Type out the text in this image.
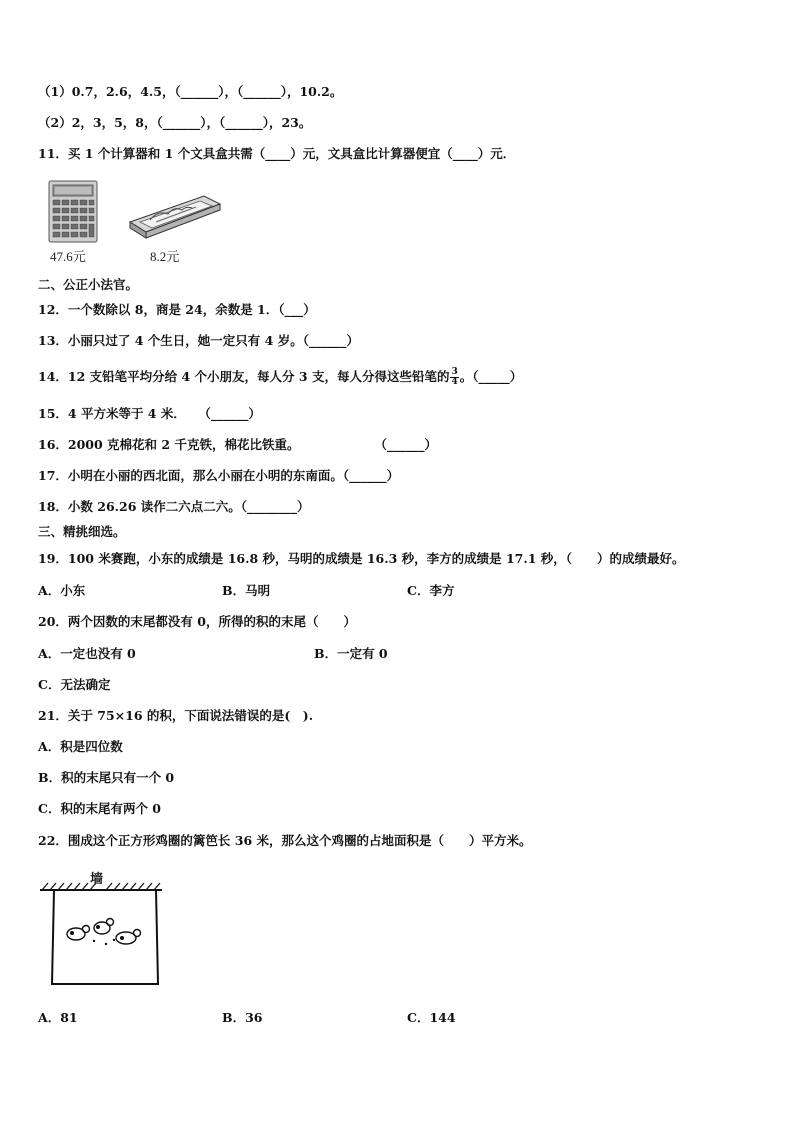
（1）0.7，2.6，4.5，（______），（______），10.2。
（2）2，3，5，8，（______），（______），23。
11．买 1 个计算器和 1 个文具盒共需（____）元，文具盒比计算器便宜（____）元．
47.6元	8.2元
二、公正小法官。
12．一个数除以 8，商是 24，余数是 1．（___）
13．小丽只过了 4 个生日，她一定只有 4 岁。（______）
14．12 支铅笔平均分给 4 个小朋友，每人分 3 支，每人分得这些铅笔的 $\frac{3}{4}$ 。（_____）
15．4 平方米等于 4 米．　　（______）
16．2000 克棉花和 2 千克铁，棉花比铁重。　　　　　　　（______）
17．小明在小丽的西北面，那么小丽在小明的东南面。（______）
18．小数 26.26 读作二六点二六。（________）
三、精挑细选。
19．100 米赛跑，小东的成绩是 16.8 秒，马明的成绩是 16.3 秒，李方的成绩是 17.1 秒，（　　）的成绩最好。
A．小东	B．马明	C．李方
20．两个因数的末尾都没有 0，所得的积的末尾（　　）
A．一定也没有 0	B．一定有 0
C．无法确定
21．关于 75×16 的积，下面说法错误的是(　).
A．积是四位数
B．积的末尾只有一个 0
C．积的末尾有两个 0
22．围成这个正方形鸡圈的篱笆长 36 米，那么这个鸡圈的占地面积是（　　）平方米。
墙
A．81	B．36	C．144
